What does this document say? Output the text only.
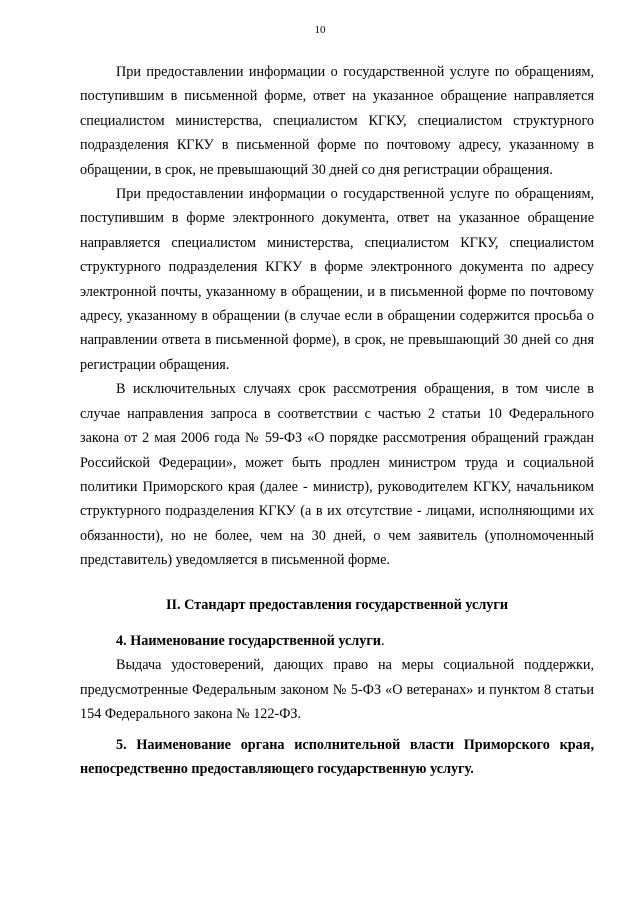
10

При предоставлении информации о государственной услуге по обращениям, поступившим в письменной форме, ответ на указанное обращение направляется специалистом министерства, специалистом КГКУ, специалистом структурного подразделения КГКУ в письменной форме по почтовому адресу, указанному в обращении, в срок, не превышающий 30 дней со дня регистрации обращения.

При предоставлении информации о государственной услуге по обращениям, поступившим в форме электронного документа, ответ на указанное обращение направляется специалистом министерства, специалистом КГКУ, специалистом структурного подразделения КГКУ в форме электронного документа по адресу электронной почты, указанному в обращении, и в письменной форме по почтовому адресу, указанному в обращении (в случае если в обращении содержится просьба о направлении ответа в письменной форме), в срок, не превышающий 30 дней со дня регистрации обращения.

В исключительных случаях срок рассмотрения обращения, в том числе в случае направления запроса в соответствии с частью 2 статьи 10 Федерального закона от 2 мая 2006 года № 59-ФЗ «О порядке рассмотрения обращений граждан Российской Федерации», может быть продлен министром труда и социальной политики Приморского края (далее - министр), руководителем КГКУ, начальником структурного подразделения КГКУ (а в их отсутствие - лицами, исполняющими их обязанности), но не более, чем на 30 дней, о чем заявитель (уполномоченный представитель) уведомляется в письменной форме.

II. Стандарт предоставления государственной услуги

4. Наименование государственной услуги.

Выдача удостоверений, дающих право на меры социальной поддержки, предусмотренные Федеральным законом № 5-ФЗ «О ветеранах» и пунктом 8 статьи 154 Федерального закона № 122-ФЗ.

5. Наименование органа исполнительной власти Приморского края, непосредственно предоставляющего государственную услугу.
